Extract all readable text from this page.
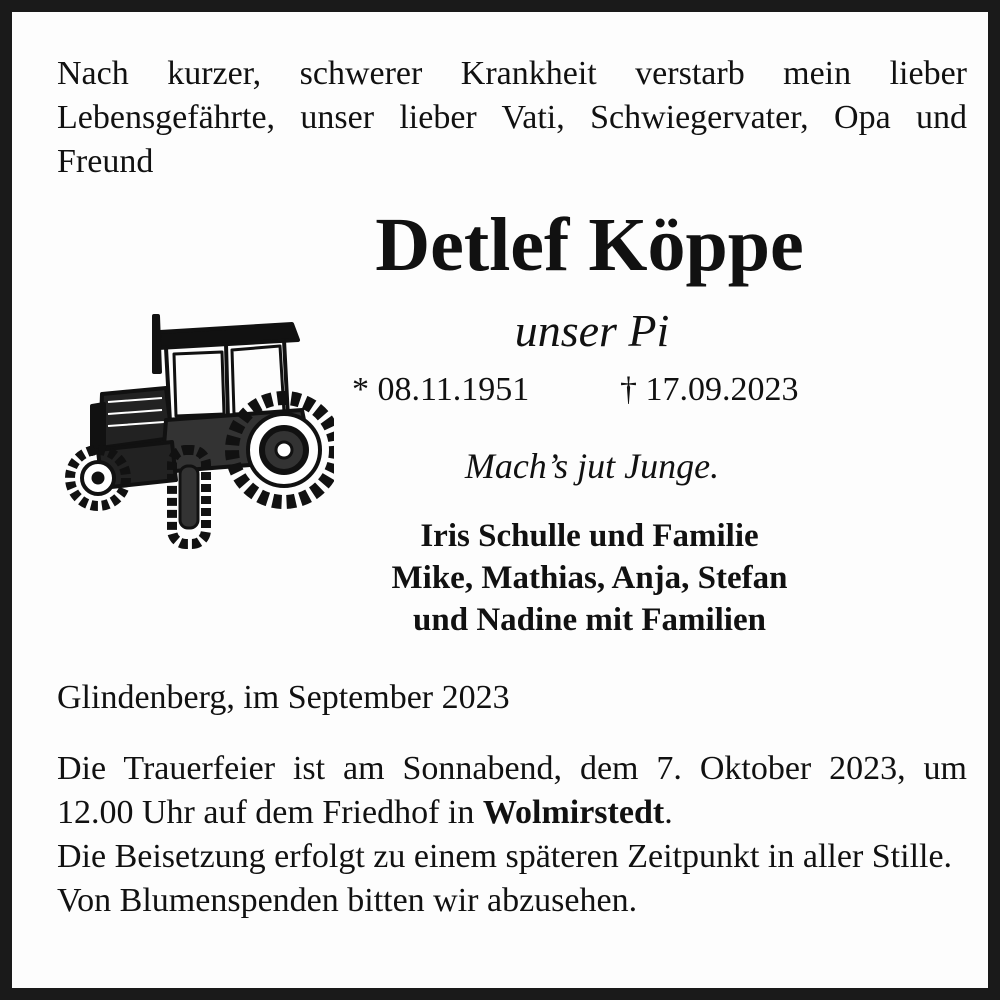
Nach kurzer, schwerer Krankheit verstarb mein lieber Lebensgefährte, unser lieber Vati, Schwiegervater, Opa und Freund

Detlef Köppe
unser Pi
* 08.11.1951	† 17.09.2023
Mach’s jut Junge.
Iris Schulle und Familie
Mike, Mathias, Anja, Stefan
und Nadine mit Familien
Glindenberg, im September 2023

Die Trauerfeier ist am Sonnabend, dem 7. Oktober 2023, um 12.00 Uhr auf dem Friedhof in Wolmirstedt.

Die Beisetzung erfolgt zu einem späteren Zeitpunkt in aller Stille.

Von Blumenspenden bitten wir abzusehen.
